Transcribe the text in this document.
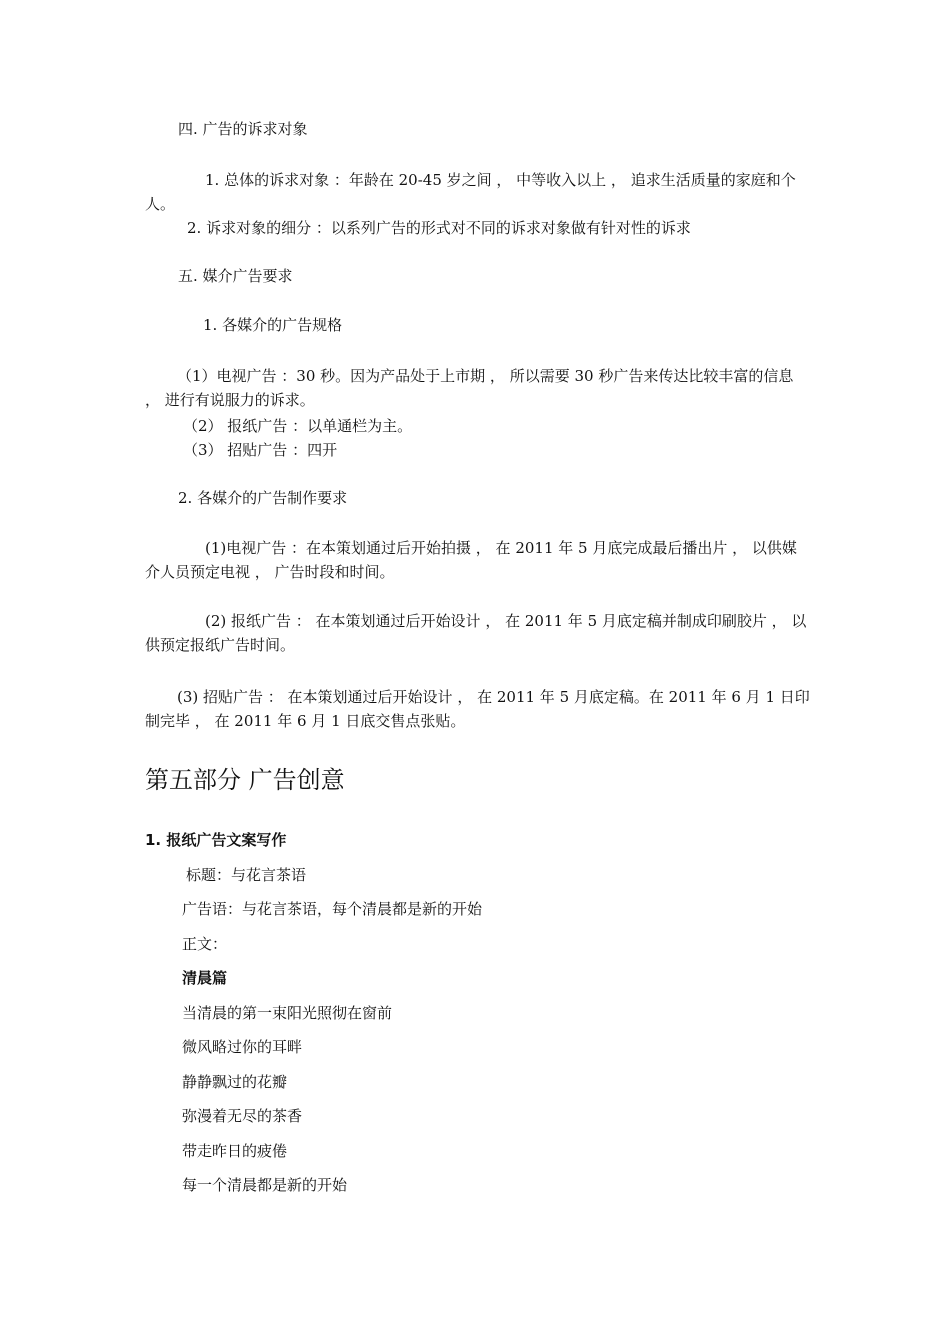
四. 广告的诉求对象
1. 总体的诉求对象 ：年龄在 20-45 岁之间 ， 中等收入以上 ， 追求生活质量的家庭和个人。
2. 诉求对象的细分 ：以系列广告的形式对不同的诉求对象做有针对性的诉求
五. 媒介广告要求
1. 各媒介的广告规格
（1）电视广告 ：30 秒。因为产品处于上市期 ， 所以需要 30 秒广告来传达比较丰富的信息 ， 进行有说服力的诉求。
（2） 报纸广告 ：以单通栏为主。
（3） 招贴广告 ：四开
2. 各媒介的广告制作要求
(1)电视广告 ：在本策划通过后开始拍摄 ， 在 2011 年 5 月底完成最后播出片 ， 以供媒介人员预定电视 ， 广告时段和时间。
(2) 报纸广告 ： 在本策划通过后开始设计 ， 在 2011 年 5 月底定稿并制成印刷胶片 ， 以供预定报纸广告时间。
(3) 招贴广告 ： 在本策划通过后开始设计 ， 在 2011 年 5 月底定稿。在 2011 年 6 月 1 日印制完毕 ， 在 2011 年 6 月 1 日底交售点张贴。
第五部分 广告创意
1. 报纸广告文案写作
标题：与花言茶语
广告语：与花言茶语，每个清晨都是新的开始
正文：
清晨篇
当清晨的第一束阳光照彻在窗前
微风略过你的耳畔
静静飘过的花瓣
弥漫着无尽的茶香
带走昨日的疲倦
每一个清晨都是新的开始
